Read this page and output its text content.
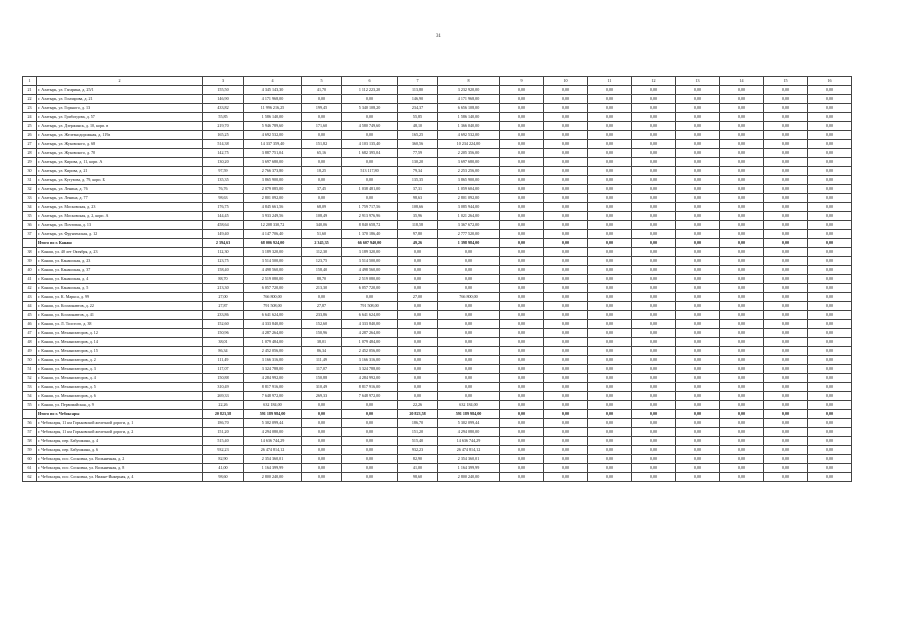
31
1	2	3	4	5	6	7	8	9	10	11	12	13	14	15	16
21	г. Алатырь, ул. Гагарина, д. 25/1	155,50	4 345 143,30	41,70	1 112 223,20	113,80	3 232 920,00	0,00	0,00	0,00	0,00	0,00	0,00	0,00	0,00
22	г. Алатырь, ул. Гончарова, д. 21	146,90	4 171 968,00	0,00	0,00	146,90	4 171 968,00	0,00	0,00	0,00	0,00	0,00	0,00	0,00	0,00
23	г. Алатырь, ул. Горького, д. 13	433,82	11 996 216,25	199,45	5 340 108,20	234,37	6 656 108,00	0,00	0,00	0,00	0,00	0,00	0,00	0,00	0,00
24	г. Алатырь, ул. Грибоедова, д. 57	55,85	1 586 140,00	0,00	0,00	55,85	1 586 140,00	0,00	0,00	0,00	0,00	0,00	0,00	0,00	0,00
25	г. Алатырь, ул. Дзержинск, д. 10, корп. в	219,70	5 946 789,60	171,60	4 580 749,60	48,10	1 366 040,00	0,00	0,00	0,00	0,00	0,00	0,00	0,00	0,00
26	г. Алатырь, ул. Железнодорожная, д. 119а	165,25	4 692 532,00	0,00	0,00	165,25	4 692 532,00	0,00	0,00	0,00	0,00	0,00	0,00	0,00	0,00
27	г. Алатырь, ул. Жуковского, д. 68	514,38	14 337 359,40	151,82	4 103 135,40	360,56	10 234 224,00	0,00	0,00	0,00	0,00	0,00	0,00	0,00	0,00
28	г. Алатырь, ул. Жуковского, д. 70	142,75	3 887 751,04	65,16	1 682 395,04	77,59	2 205 356,00	0,00	0,00	0,00	0,00	0,00	0,00	0,00	0,00
29	г. Алатырь, ул. Кирова, д. 11, корп. А	130,20	3 697 680,00	0,00	0,00	130,20	3 697 680,00	0,00	0,00	0,00	0,00	0,00	0,00	0,00	0,00
30	г. Алатырь, ул. Кирова, д. 21	97,59	2 766 373,80	18,25	513 117,80	79,34	2 253 256,00	0,00	0,00	0,00	0,00	0,00	0,00	0,00	0,00
31	г. Алатырь, ул. Кутузова, д. 79, корп. Б	135,35	3 865 900,00	0,00	0,00	135,35	3 865 900,00	0,00	0,00	0,00	0,00	0,00	0,00	0,00	0,00
32	г. Алатырь, ул. Ленина, д. 76	76,76	2 079 085,00	37,45	1 038 481,00	37,31	1 059 604,00	0,00	0,00	0,00	0,00	0,00	0,00	0,00	0,00
33	г. Алатырь, ул. Ленина, д. 77	98,63	2 801 092,00	0,00	0,00	98,63	2 801 092,00	0,00	0,00	0,00	0,00	0,00	0,00	0,00	0,00
34	г. Алатырь, ул. Московская, д. 23	176,75	4 845 661,56	68,09	1 759 717,56	108,66	3 085 944,00	0,00	0,00	0,00	0,00	0,00	0,00	0,00	0,00
35	г. Алатырь, ул. Московская, д. 2, корп. А	144,45	3 933 249,56	108,49	2 913 976,96	35,96	1 021 264,00	0,00	0,00	0,00	0,00	0,00	0,00	0,00	0,00
36	г. Алатырь, ул. Почтовая, д. 13	458,64	12 208 330,72	340,06	8 840 658,72	118,58	3 367 672,00	0,00	0,00	0,00	0,00	0,00	0,00	0,00	0,00
37	г. Алатырь, ул. Фрунзенская, д. 12	149,40	4 147 706,40	51,60	1 370 186,40	97,80	2 777 520,00	0,00	0,00	0,00	0,00	0,00	0,00	0,00	0,00
	Итого по г. Канаш	2 394,63	68 006 924,00	2 345,35	66 607 940,00	49,26	1 398 984,00	0,00	0,00	0,00	0,00	0,00	0,00	0,00	0,00
38	г. Канаш, ул. 40 лет Октября, д. 23	112,30	3 189 320,00	112,30	3 189 320,00	0,00	0,00	0,00	0,00	0,00	0,00	0,00	0,00	0,00	0,00
39	г. Канаш, ул. Канашская, д. 23	123,75	3 514 500,00	123,75	3 514 500,00	0,00	0,00	0,00	0,00	0,00	0,00	0,00	0,00	0,00	0,00
40	г. Канаш, ул. Канашская, д. 37	158,40	4 498 560,00	158,40	4 498 560,00	0,00	0,00	0,00	0,00	0,00	0,00	0,00	0,00	0,00	0,00
41	г. Канаш, ул. Канашская, д. 4	88,70	2 519 080,00	88,70	2 519 080,00	0,00	0,00	0,00	0,00	0,00	0,00	0,00	0,00	0,00	0,00
42	г. Канаш, ул. Канашская, д. 5	213,30	6 057 720,00	213,30	6 057 720,00	0,00	0,00	0,00	0,00	0,00	0,00	0,00	0,00	0,00	0,00
43	г. Канаш, ул. К. Маркса, д. 99	27,00	766 800,00	0,00	0,00	27,00	766 800,00	0,00	0,00	0,00	0,00	0,00	0,00	0,00	0,00
44	г. Канаш, ул. Космонавтов, д. 22	27,87	791 508,00	27,87	791 508,00	0,00	0,00	0,00	0,00	0,00	0,00	0,00	0,00	0,00	0,00
45	г. Канаш, ул. Космонавтов, д. 41	233,86	6 641 624,00	233,86	6 641 624,00	0,00	0,00	0,00	0,00	0,00	0,00	0,00	0,00	0,00	0,00
46	г. Канаш, ул. Л. Толстого, д. 38	152,60	4 333 840,00	152,60	4 333 840,00	0,00	0,00	0,00	0,00	0,00	0,00	0,00	0,00	0,00	0,00
47	г. Канаш, ул. Механизаторов, д. 12	150,96	4 287 264,00	150,96	4 287 264,00	0,00	0,00	0,00	0,00	0,00	0,00	0,00	0,00	0,00	0,00
48	г. Канаш, ул. Механизаторов, д. 14	38,01	1 079 484,00	38,01	1 079 484,00	0,00	0,00	0,00	0,00	0,00	0,00	0,00	0,00	0,00	0,00
49	г. Канаш, ул. Механизаторов, д. 15	86,34	2 452 056,00	86,34	2 452 056,00	0,00	0,00	0,00	0,00	0,00	0,00	0,00	0,00	0,00	0,00
50	г. Канаш, ул. Механизаторов, д. 2	111,49	3 166 316,00	111,49	3 166 316,00	0,00	0,00	0,00	0,00	0,00	0,00	0,00	0,00	0,00	0,00
51	г. Канаш, ул. Механизаторов, д. 3	117,07	3 324 788,00	117,07	3 324 788,00	0,00	0,00	0,00	0,00	0,00	0,00	0,00	0,00	0,00	0,00
52	г. Канаш, ул. Механизаторов, д. 4	150,88	4 284 992,00	150,88	4 284 992,00	0,00	0,00	0,00	0,00	0,00	0,00	0,00	0,00	0,00	0,00
53	г. Канаш, ул. Механизаторов, д. 5	310,49	8 817 916,00	310,49	8 817 916,00	0,00	0,00	0,00	0,00	0,00	0,00	0,00	0,00	0,00	0,00
54	г. Канаш, ул. Механизаторов, д. 6	269,33	7 648 972,00	269,33	7 648 972,00	0,00	0,00	0,00	0,00	0,00	0,00	0,00	0,00	0,00	0,00
55	г. Канаш, ул. Первомайская, д. 9	22,26	632 184,00	0,00	0,00	22,26	632 184,00	0,00	0,00	0,00	0,00	0,00	0,00	0,00	0,00
	Итого по г. Чебоксары	20 823,58	591 189 984,00	0,00	0,00	20 823,58	591 189 984,00	0,00	0,00	0,00	0,00	0,00	0,00	0,00	0,00
56	г. Чебоксары, 11 км Горьковской железной дороги, д. 1	186,70	5 302 099,44	0,00	0,00	186,70	5 302 099,44	0,00	0,00	0,00	0,00	0,00	0,00	0,00	0,00
57	г. Чебоксары, 11 км Горьковской железной дороги, д. 2	151,20	4 294 080,00	0,00	0,00	151,20	4 294 080,00	0,00	0,00	0,00	0,00	0,00	0,00	0,00	0,00
58	г. Чебоксары, пер. Бабушкина, д. 4	515,40	14 636 744,29	0,00	0,00	515,40	14 636 744,29	0,00	0,00	0,00	0,00	0,00	0,00	0,00	0,00
59	г. Чебоксары, пер. Бабушкина, д. 6	932,23	26 474 814,12	0,00	0,00	932,23	26 474 814,12	0,00	0,00	0,00	0,00	0,00	0,00	0,00	0,00
60	г. Чебоксары, пос. Сосновка, ул. Вольничная, д. 2	82,90	2 354 360,01	0,00	0,00	82,90	2 354 360,01	0,00	0,00	0,00	0,00	0,00	0,00	0,00	0,00
61	г. Чебоксары, пос. Сосновка, ул. Вольничная, д. 8	41,00	1 164 399,99	0,00	0,00	41,00	1 164 399,99	0,00	0,00	0,00	0,00	0,00	0,00	0,00	0,00
62	г. Чебоксары, пос. Сосновка, ул. Нижне-Инкерная, д. 4	98,60	2 800 240,00	0,00	0,00	98,60	2 800 240,00	0,00	0,00	0,00	0,00	0,00	0,00	0,00	0,00
